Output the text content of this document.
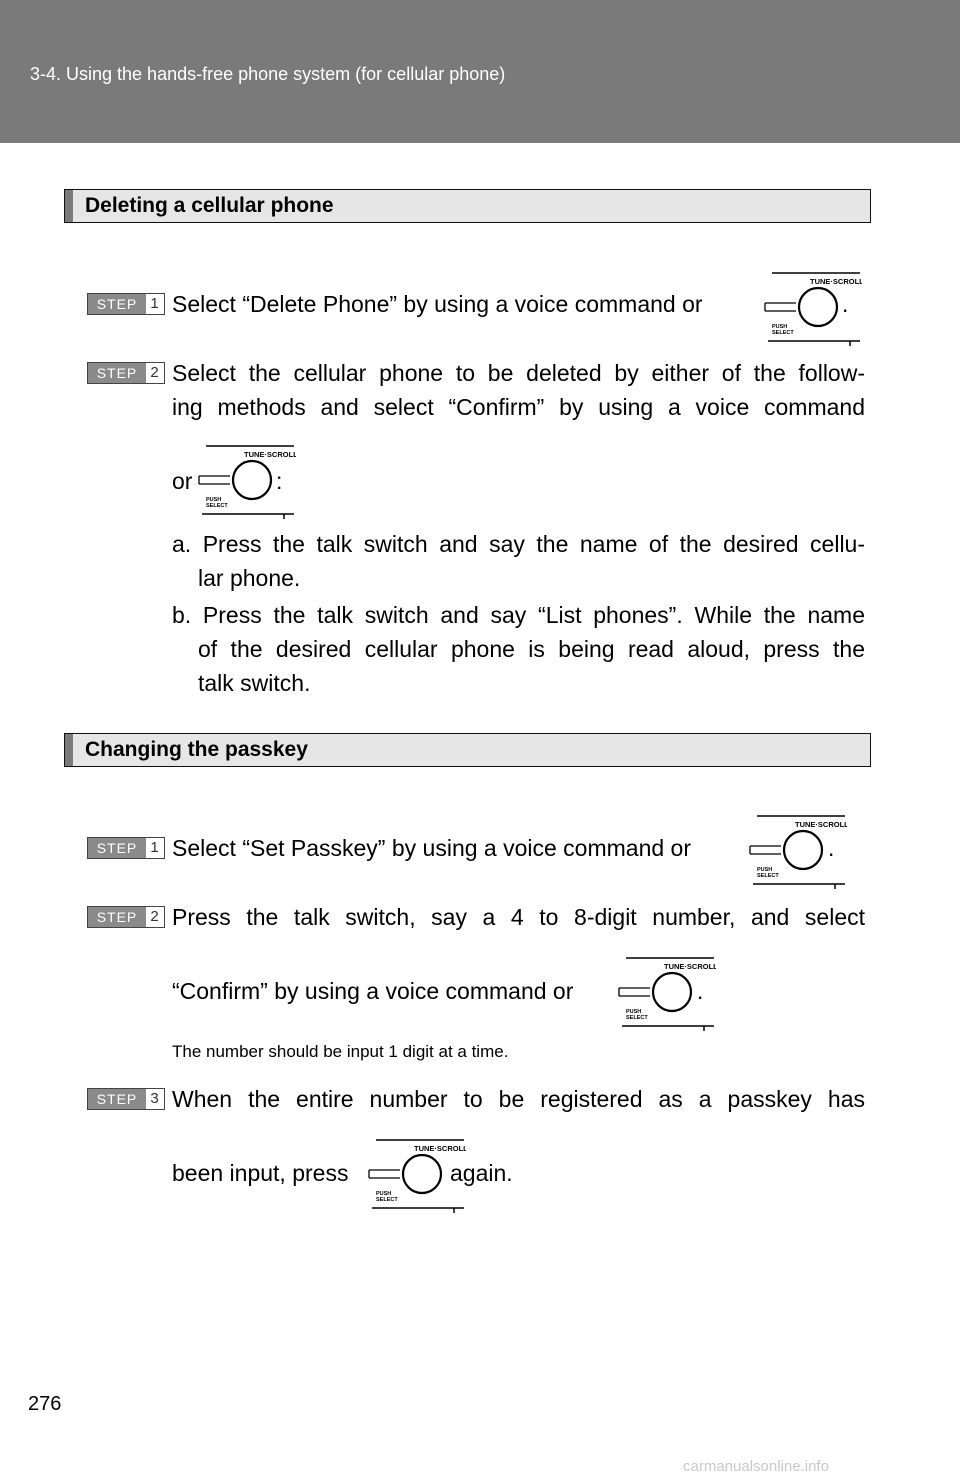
3-4. Using the hands-free phone system (for cellular phone)
Deleting a cellular phone
STEP 1 Select “Delete Phone” by using a voice command or	.
STEP 2 Select the cellular phone to be deleted by either of the follow-
ing methods and select “Confirm” by using a voice command
or	:
a. Press the talk switch and say the name of the desired cellu-
lar phone.
b. Press the talk switch and say “List phones”. While the name
of the desired cellular phone is being read aloud, press the
talk switch.
Changing the passkey
STEP 1 Select “Set Passkey” by using a voice command or	.
STEP 2 Press the talk switch, say a 4 to 8-digit number, and select
“Confirm” by using a voice command or	.
The number should be input 1 digit at a time.
STEP 3 When the entire number to be registered as a passkey has
been input, press	again.
276
carmanualsonline.info
